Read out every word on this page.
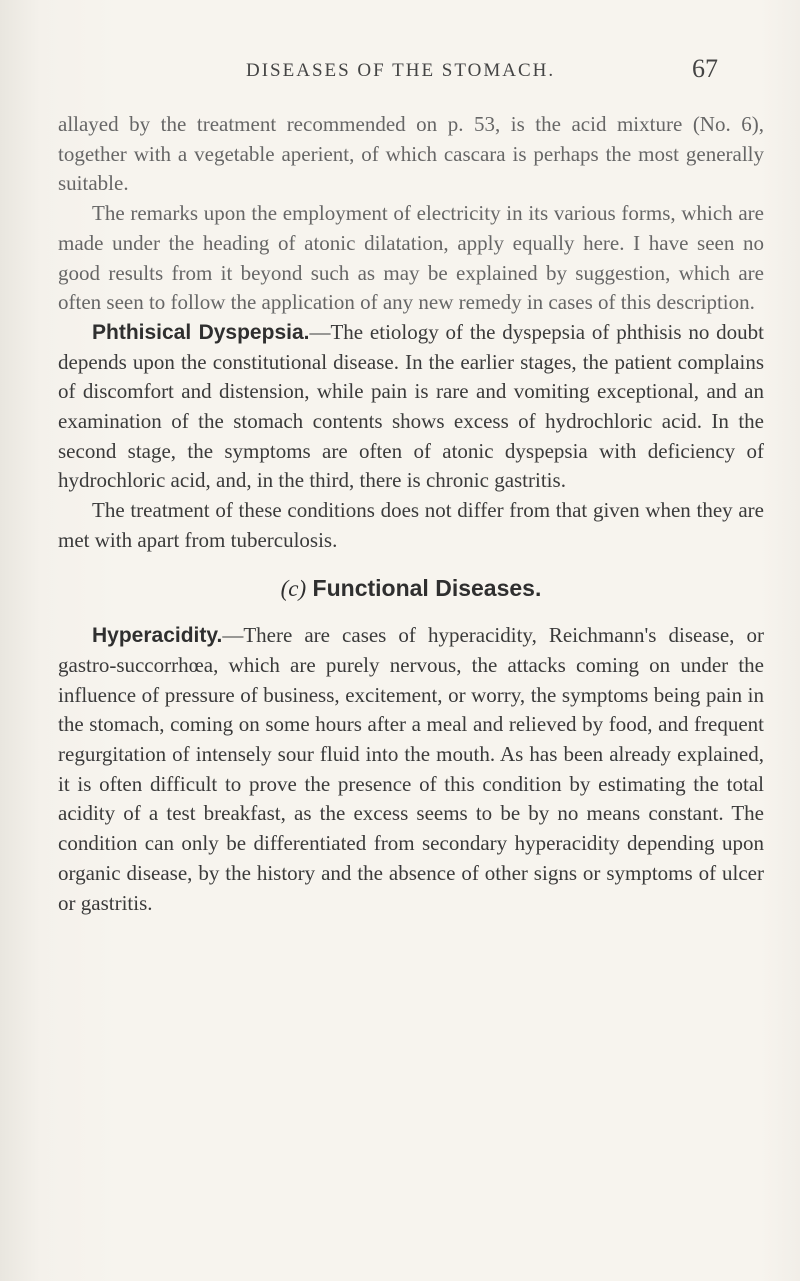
DISEASES OF THE STOMACH.	67

allayed by the treatment recommended on p. 53, is the acid mixture (No. 6), together with a vegetable aperient, of which cascara is perhaps the most generally suitable.

The remarks upon the employment of electricity in its various forms, which are made under the heading of atonic dilatation, apply equally here. I have seen no good results from it beyond such as may be explained by suggestion, which are often seen to follow the application of any new remedy in cases of this description.

Phthisical Dyspepsia.—The etiology of the dyspepsia of phthisis no doubt depends upon the constitutional disease. In the earlier stages, the patient complains of discomfort and distension, while pain is rare and vomiting exceptional, and an examination of the stomach contents shows excess of hydrochloric acid. In the second stage, the symptoms are often of atonic dyspepsia with deficiency of hydrochloric acid, and, in the third, there is chronic gastritis.

The treatment of these conditions does not differ from that given when they are met with apart from tuberculosis.

(c) Functional Diseases.

Hyperacidity.—There are cases of hyperacidity, Reichmann's disease, or gastro-succorrhœa, which are purely nervous, the attacks coming on under the influence of pressure of business, excitement, or worry, the symptoms being pain in the stomach, coming on some hours after a meal and relieved by food, and frequent regurgitation of intensely sour fluid into the mouth. As has been already explained, it is often difficult to prove the presence of this condition by estimating the total acidity of a test breakfast, as the excess seems to be by no means constant. The condition can only be differentiated from secondary hyperacidity depending upon organic disease, by the history and the absence of other signs or symptoms of ulcer or gastritis.
